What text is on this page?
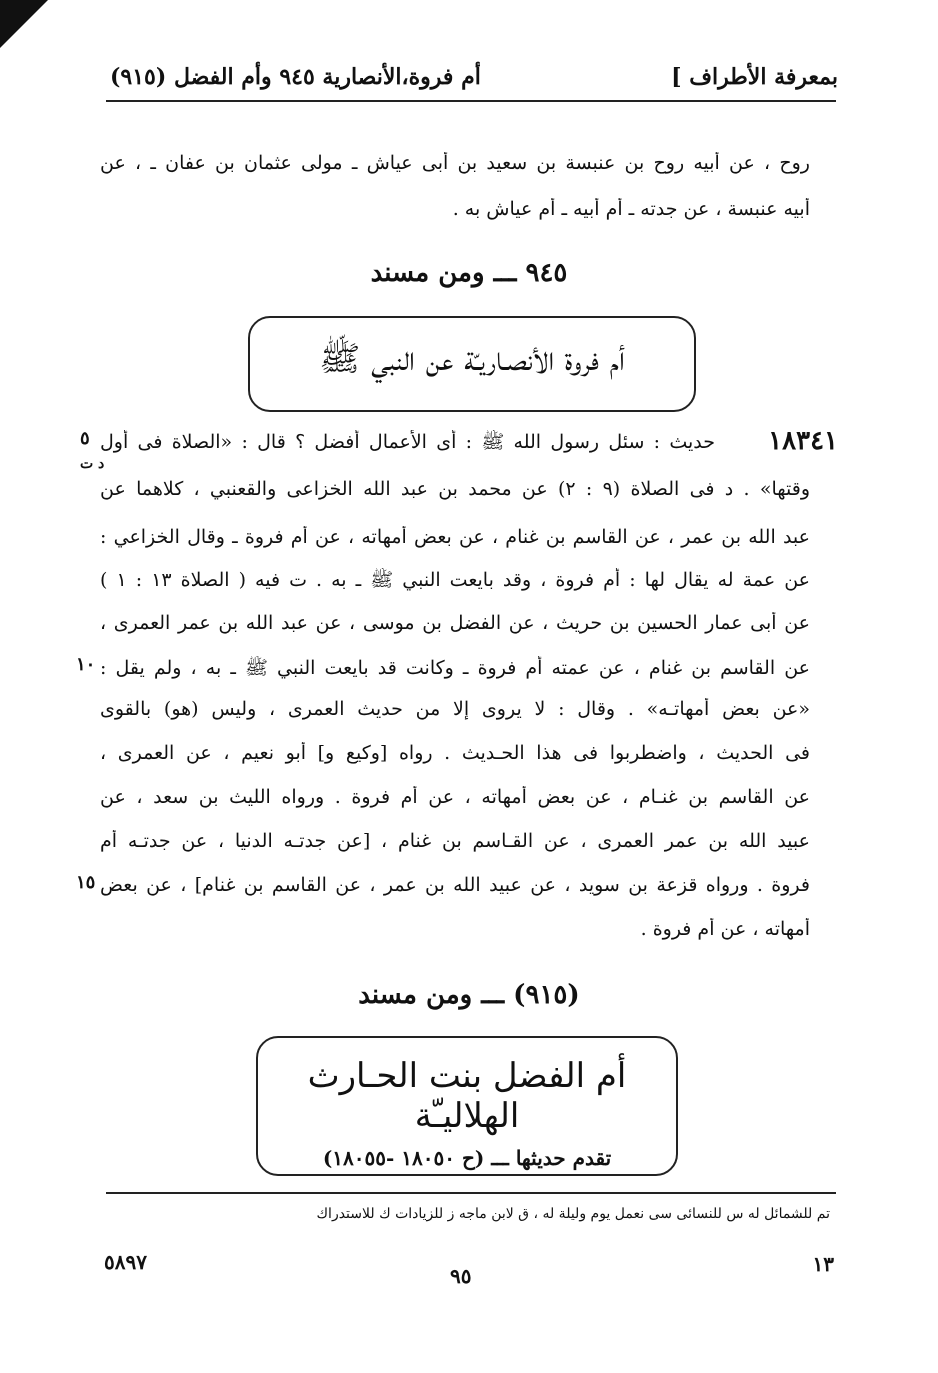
بمعرفة الأطراف ]
أم فروة،الأنصارية ٩٤٥ وأم الفضل (٩١٥)
روح ، عن أبيه روح بن عنبسة بن سعيد بن أبى عياش ـ مولى عثمان بن عفان ـ ، عن
أبيه عنبسة ، عن جدته ـ أم أبيه ـ أم عياش به .
٩٤٥ ـــ ومن مسند
أم فروة الأنصـاريـّة عن النبي ﷺ
١٨٣٤١
٥
د ت
حديث : سئل رسول الله ﷺ : أى الأعمال أفضل ؟ قال : «الصلاة فى أول
وقتها» . د فى الصلاة (٩ : ٢) عن محمد بن عبد الله الخزاعى والقعنبي ، كلاهما عن
عبد الله بن عمر ، عن القاسم بن غنام ، عن بعض أمهاته ، عن أم فروة ـ وقال الخزاعي :
عن عمة له يقال لها : أم فروة ، وقد بايعت النبي ﷺ ـ به . ت فيه ( الصلاة ١٣ : ١ )
عن أبى عمار الحسين بن حريث ، عن الفضل بن موسى ، عن عبد الله بن عمر العمرى ،
عن القاسم بن غنام ، عن عمته أم فروة ـ وكانت قد بايعت النبي ﷺ ـ به ، ولم يقل :
«عن بعض أمهاتـه» . وقال : لا يروى إلا من حديث العمرى ، وليس (هو) بالقوى
فى الحديث ، واضطربوا فى هذا الحـديث . رواه [وكيع و] أبو نعيم ، عن العمرى ،
عن القاسم بن غنـام ، عن بعض أمهاته ، عن أم فروة . ورواه الليث بن سعد ، عن
عبيد الله بن عمر العمرى ، عن القـاسم بن غنام ، [عن جدتـه الدنيا ، عن جدتـه أم
فروة . ورواه قزعة بن سويد ، عن عبيد الله بن عمر ، عن القاسم بن غنام] ، عن بعض
أمهاته ، عن أم فروة .
١٠
١٥
(٩١٥) ـــ ومن مسند
أم الفضل بنت الحـارث الهلاليـّة
تقدم حديثها ـــ (ح ١٨٠٥٠ -١٨٠٥٥)
تم للشمائل له س للنسائى سى نعمل يوم وليلة له ، ق لابن ماجه ز للزيادات ك للاستدراك
٥٨٩٧
٩٥	١٣
